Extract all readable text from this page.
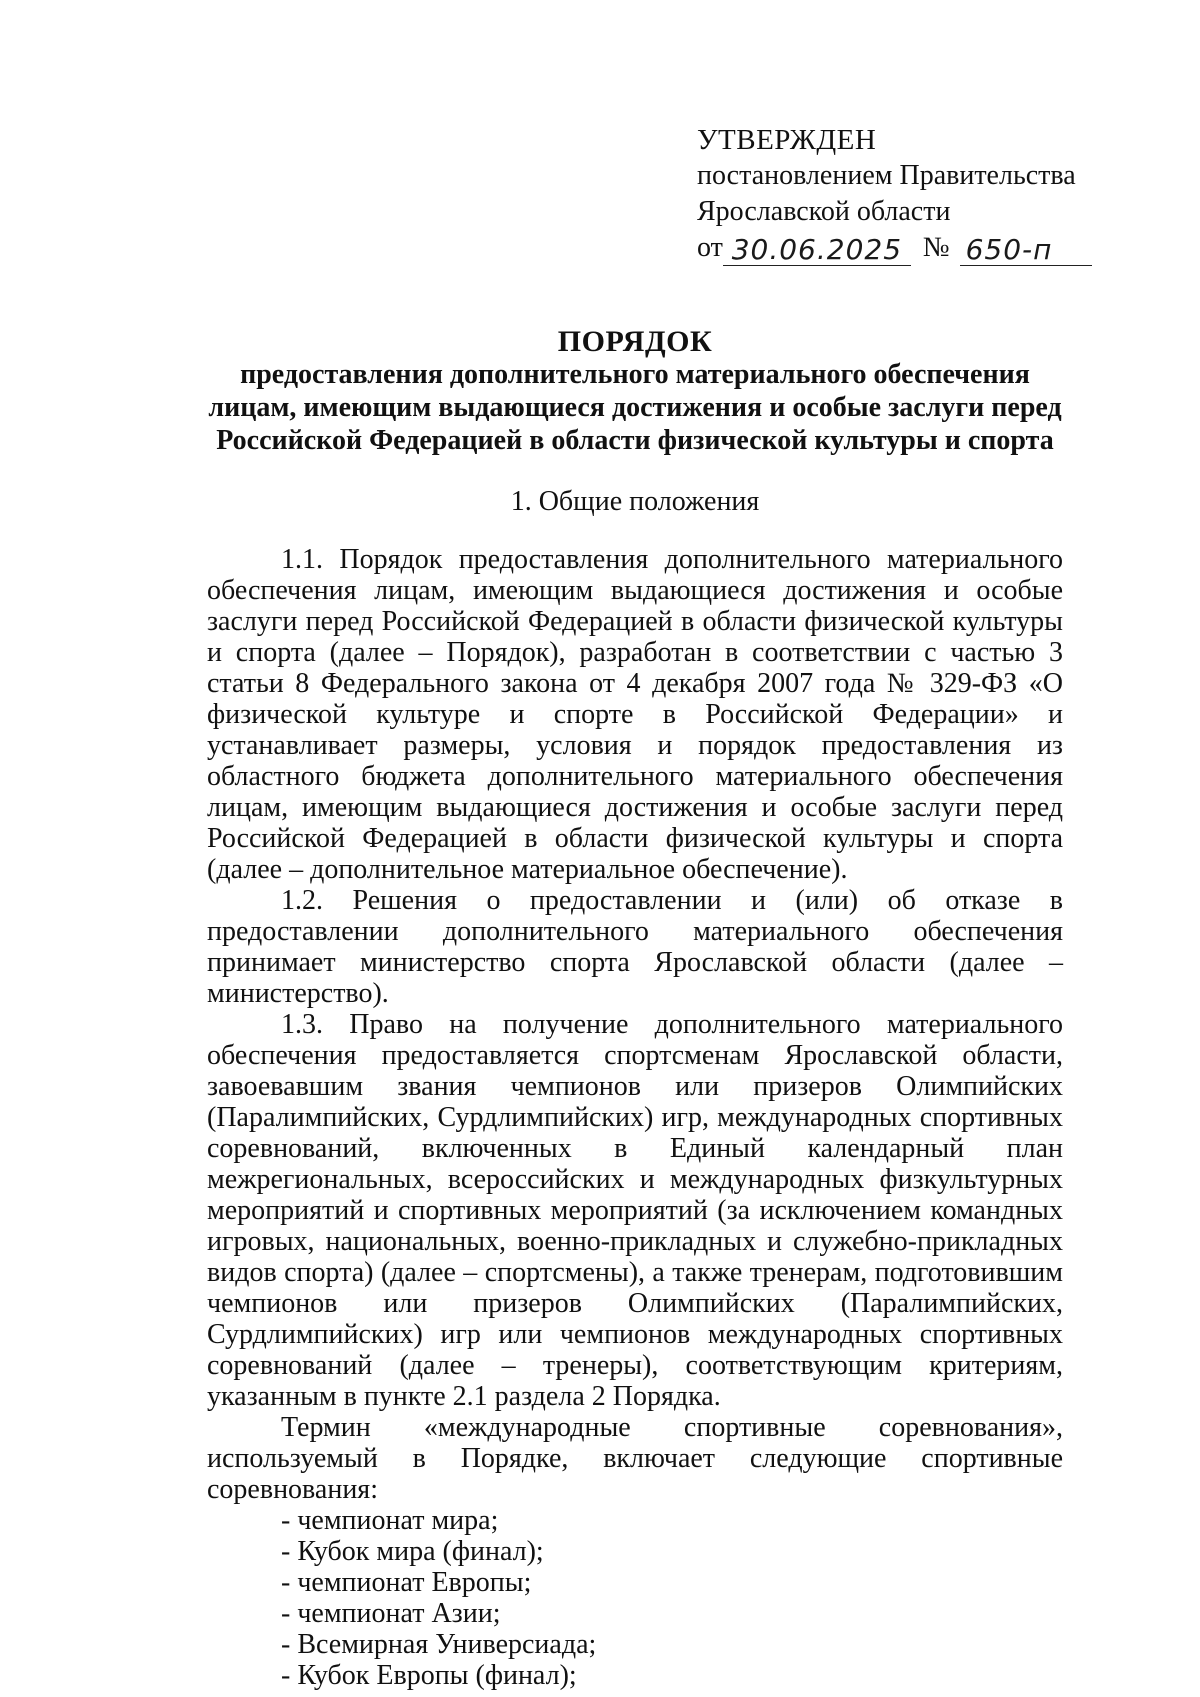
УТВЕРЖДЕН
постановлением Правительства
Ярославской области
от 30.06.2025 № 650-п
ПОРЯДОК
предоставления дополнительного материального обеспечения лицам, имеющим выдающиеся достижения и особые заслуги перед Российской Федерацией в области физической культуры и спорта
1. Общие положения

1.1. Порядок предоставления дополнительного материального обеспечения лицам, имеющим выдающиеся достижения и особые заслуги перед Российской Федерацией в области физической культуры и спорта (далее – Порядок), разработан в соответствии с частью 3 статьи 8 Федерального закона от 4 декабря 2007 года № 329-ФЗ «О физической культуре и спорте в Российской Федерации» и устанавливает размеры, условия и порядок предоставления из областного бюджета дополнительного материального обеспечения лицам, имеющим выдающиеся достижения и особые заслуги перед Российской Федерацией в области физической культуры и спорта (далее – дополнительное материальное обеспечение).

1.2. Решения о предоставлении и (или) об отказе в предоставлении дополнительного материального обеспечения принимает министерство спорта Ярославской области (далее – министерство).

1.3. Право на получение дополнительного материального обеспечения предоставляется спортсменам Ярославской области, завоевавшим звания чемпионов или призеров Олимпийских (Паралимпийских, Сурдлимпийских) игр, международных спортивных соревнований, включенных в Единый календарный план межрегиональных, всероссийских и международных физкультурных мероприятий и спортивных мероприятий (за исключением командных игровых, национальных, военно-прикладных и служебно-прикладных видов спорта) (далее – спортсмены), а также тренерам, подготовившим чемпионов или призеров Олимпийских (Паралимпийских, Сурдлимпийских) игр или чемпионов международных спортивных соревнований (далее – тренеры), соответствующим критериям, указанным в пункте 2.1 раздела 2 Порядка.

Термин «международные спортивные соревнования», используемый в Порядке, включает следующие спортивные соревнования:

- чемпионат мира;

- Кубок мира (финал);

- чемпионат Европы;

- чемпионат Азии;

- Всемирная Универсиада;

- Кубок Европы (финал);
